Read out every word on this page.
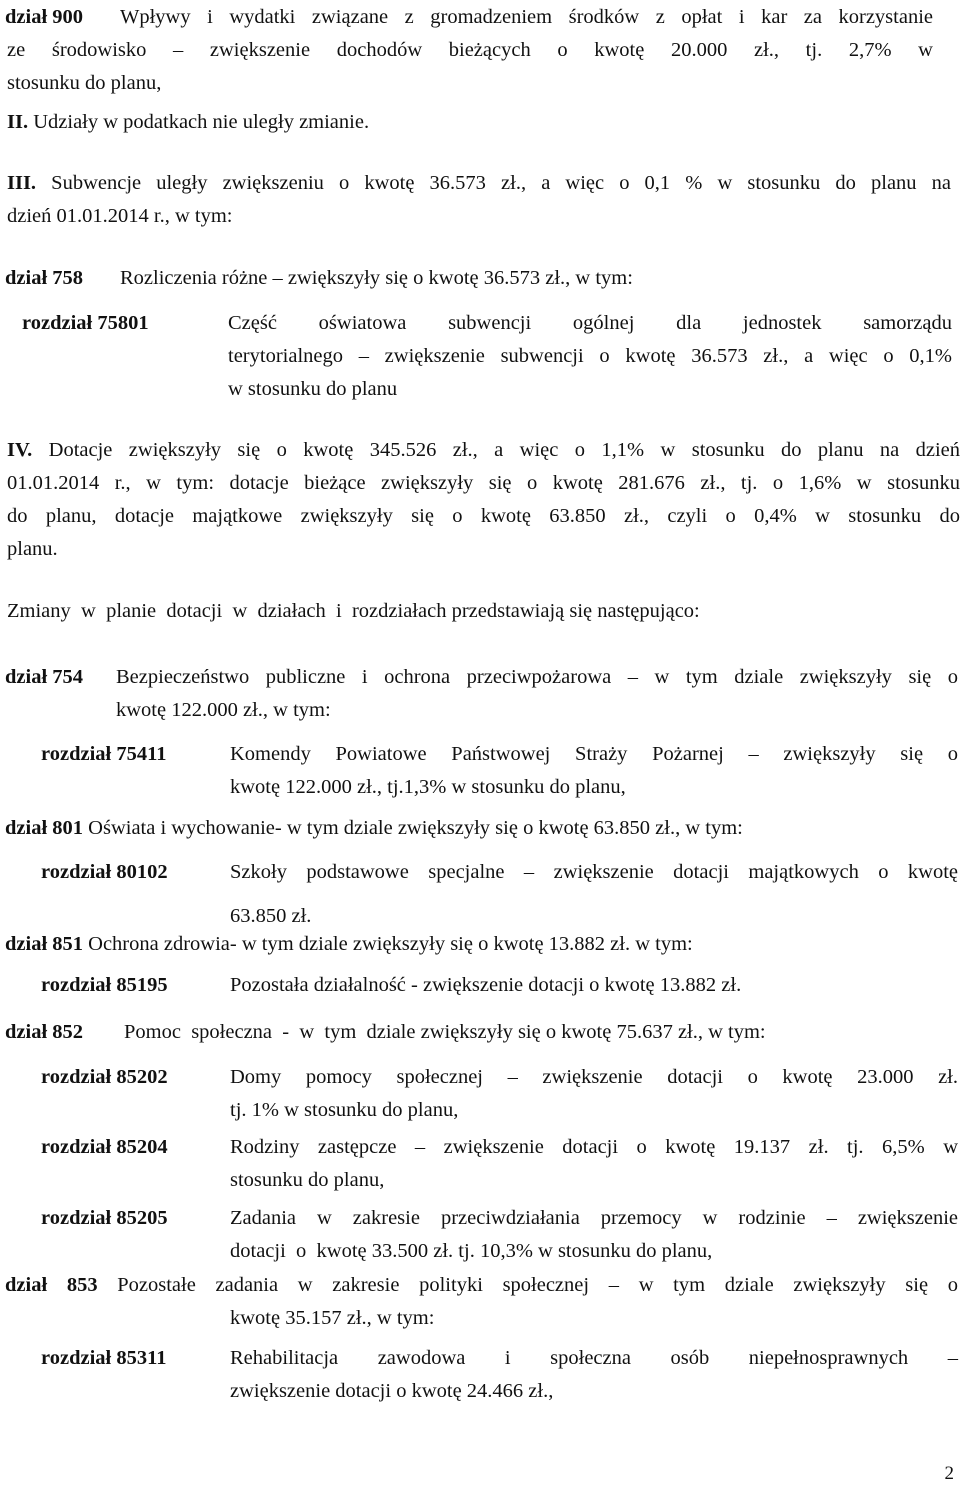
dział 900 Wpływy i wydatki związane z gromadzeniem środków z opłat i kar za korzystanie
ze środowisko – zwiększenie dochodów bieżących o kwotę 20.000 zł., tj. 2,7% w
stosunku do planu,
II. Udziały w podatkach nie uległy zmianie.
III. Subwencje uległy zwiększeniu o kwotę 36.573 zł., a więc o 0,1 % w stosunku do planu na
dzień 01.01.2014 r., w tym:
dział 758 Rozliczenia różne – zwiększyły się o kwotę 36.573 zł., w tym:
rozdział 75801	Część oświatowa subwencji ogólnej dla jednostek samorządu
terytorialnego – zwiększenie subwencji o kwotę 36.573 zł., a więc o 0,1%
w stosunku do planu
IV. Dotacje zwiększyły się o kwotę 345.526 zł., a więc o 1,1% w stosunku do planu na dzień
01.01.2014 r., w tym: dotacje bieżące zwiększyły się o kwotę 281.676 zł., tj. o 1,6% w stosunku
do planu, dotacje majątkowe zwiększyły się o kwotę 63.850 zł., czyli o 0,4% w stosunku do
planu.
Zmiany  w  planie  dotacji  w  działach  i  rozdziałach przedstawiają się następująco:
dział 754 Bezpieczeństwo publiczne i ochrona przeciwpożarowa – w tym dziale zwiększyły się o
kwotę 122.000 zł., w tym:
rozdział 75411	Komendy Powiatowe Państwowej Straży Pożarnej – zwiększyły się o
kwotę 122.000 zł., tj.1,3% w stosunku do planu,
dział 801 Oświata i wychowanie- w tym dziale zwiększyły się o kwotę 63.850 zł., w tym:
rozdział 80102	Szkoły podstawowe specjalne – zwiększenie dotacji majątkowych o kwotę
63.850 zł.
dział 851 Ochrona zdrowia- w tym dziale zwiększyły się o kwotę 13.882 zł. w tym:
rozdział 85195	Pozostała działalność - zwiększenie dotacji o kwotę 13.882 zł.
dział 852 Pomoc  społeczna  -  w  tym  dziale zwiększyły się o kwotę 75.637 zł., w tym:
rozdział 85202	Domy pomocy społecznej – zwiększenie dotacji o kwotę 23.000 zł.
tj. 1% w stosunku do planu,
rozdział 85204	Rodziny zastępcze – zwiększenie dotacji o kwotę 19.137 zł. tj. 6,5% w
stosunku do planu,
rozdział 85205	Zadania w zakresie przeciwdziałania przemocy w rodzinie – zwiększenie
dotacji  o  kwotę 33.500 zł. tj. 10,3% w stosunku do planu,
dział 853 Pozostałe zadania w zakresie polityki społecznej – w tym dziale zwiększyły się o
kwotę 35.157 zł., w tym:
rozdział 85311	Rehabilitacja zawodowa i społeczna osób niepełnosprawnych –
zwiększenie dotacji o kwotę 24.466 zł.,
2
